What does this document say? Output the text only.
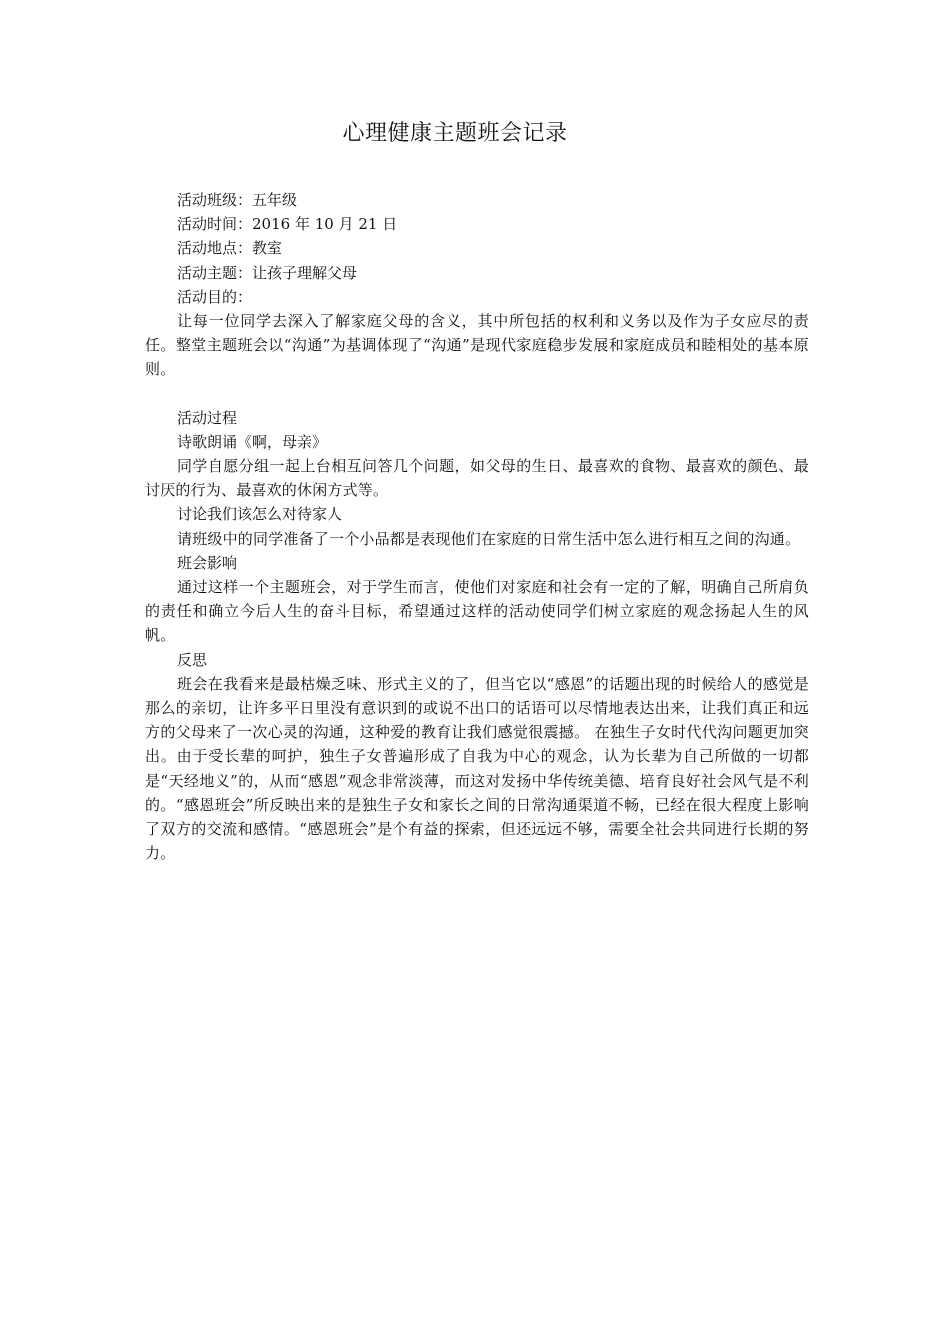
心理健康主题班会记录

活动班级：五年级

活动时间：2016 年 10 月 21 日

活动地点：教室

活动主题：让孩子理解父母

活动目的：

让每一位同学去深入了解家庭父母的含义，其中所包括的权利和义务以及作为子女应尽的责任。整堂主题班会以“沟通”为基调体现了“沟通”是现代家庭稳步发展和家庭成员和睦相处的基本原则。

活动过程

诗歌朗诵《啊，母亲》

同学自愿分组一起上台相互问答几个问题，如父母的生日、最喜欢的食物、最喜欢的颜色、最讨厌的行为、最喜欢的休闲方式等。

讨论我们该怎么对待家人

请班级中的同学准备了一个小品都是表现他们在家庭的日常生活中怎么进行相互之间的沟通。

班会影响

通过这样一个主题班会，对于学生而言，使他们对家庭和社会有一定的了解，明确自己所肩负的责任和确立今后人生的奋斗目标，希望通过这样的活动使同学们树立家庭的观念扬起人生的风帆。

反思

班会在我看来是最枯燥乏味、形式主义的了，但当它以“感恩”的话题出现的时候给人的感觉是那么的亲切，让许多平日里没有意识到的或说不出口的话语可以尽情地表达出来，让我们真正和远方的父母来了一次心灵的沟通，这种爱的教育让我们感觉很震撼。 在独生子女时代代沟问题更加突出。由于受长辈的呵护，独生子女普遍形成了自我为中心的观念，认为长辈为自己所做的一切都是“天经地义”的，从而“感恩”观念非常淡薄，而这对发扬中华传统美德、培育良好社会风气是不利的。“感恩班会”所反映出来的是独生子女和家长之间的日常沟通渠道不畅，已经在很大程度上影响了双方的交流和感情。“感恩班会”是个有益的探索，但还远远不够，需要全社会共同进行长期的努力。
